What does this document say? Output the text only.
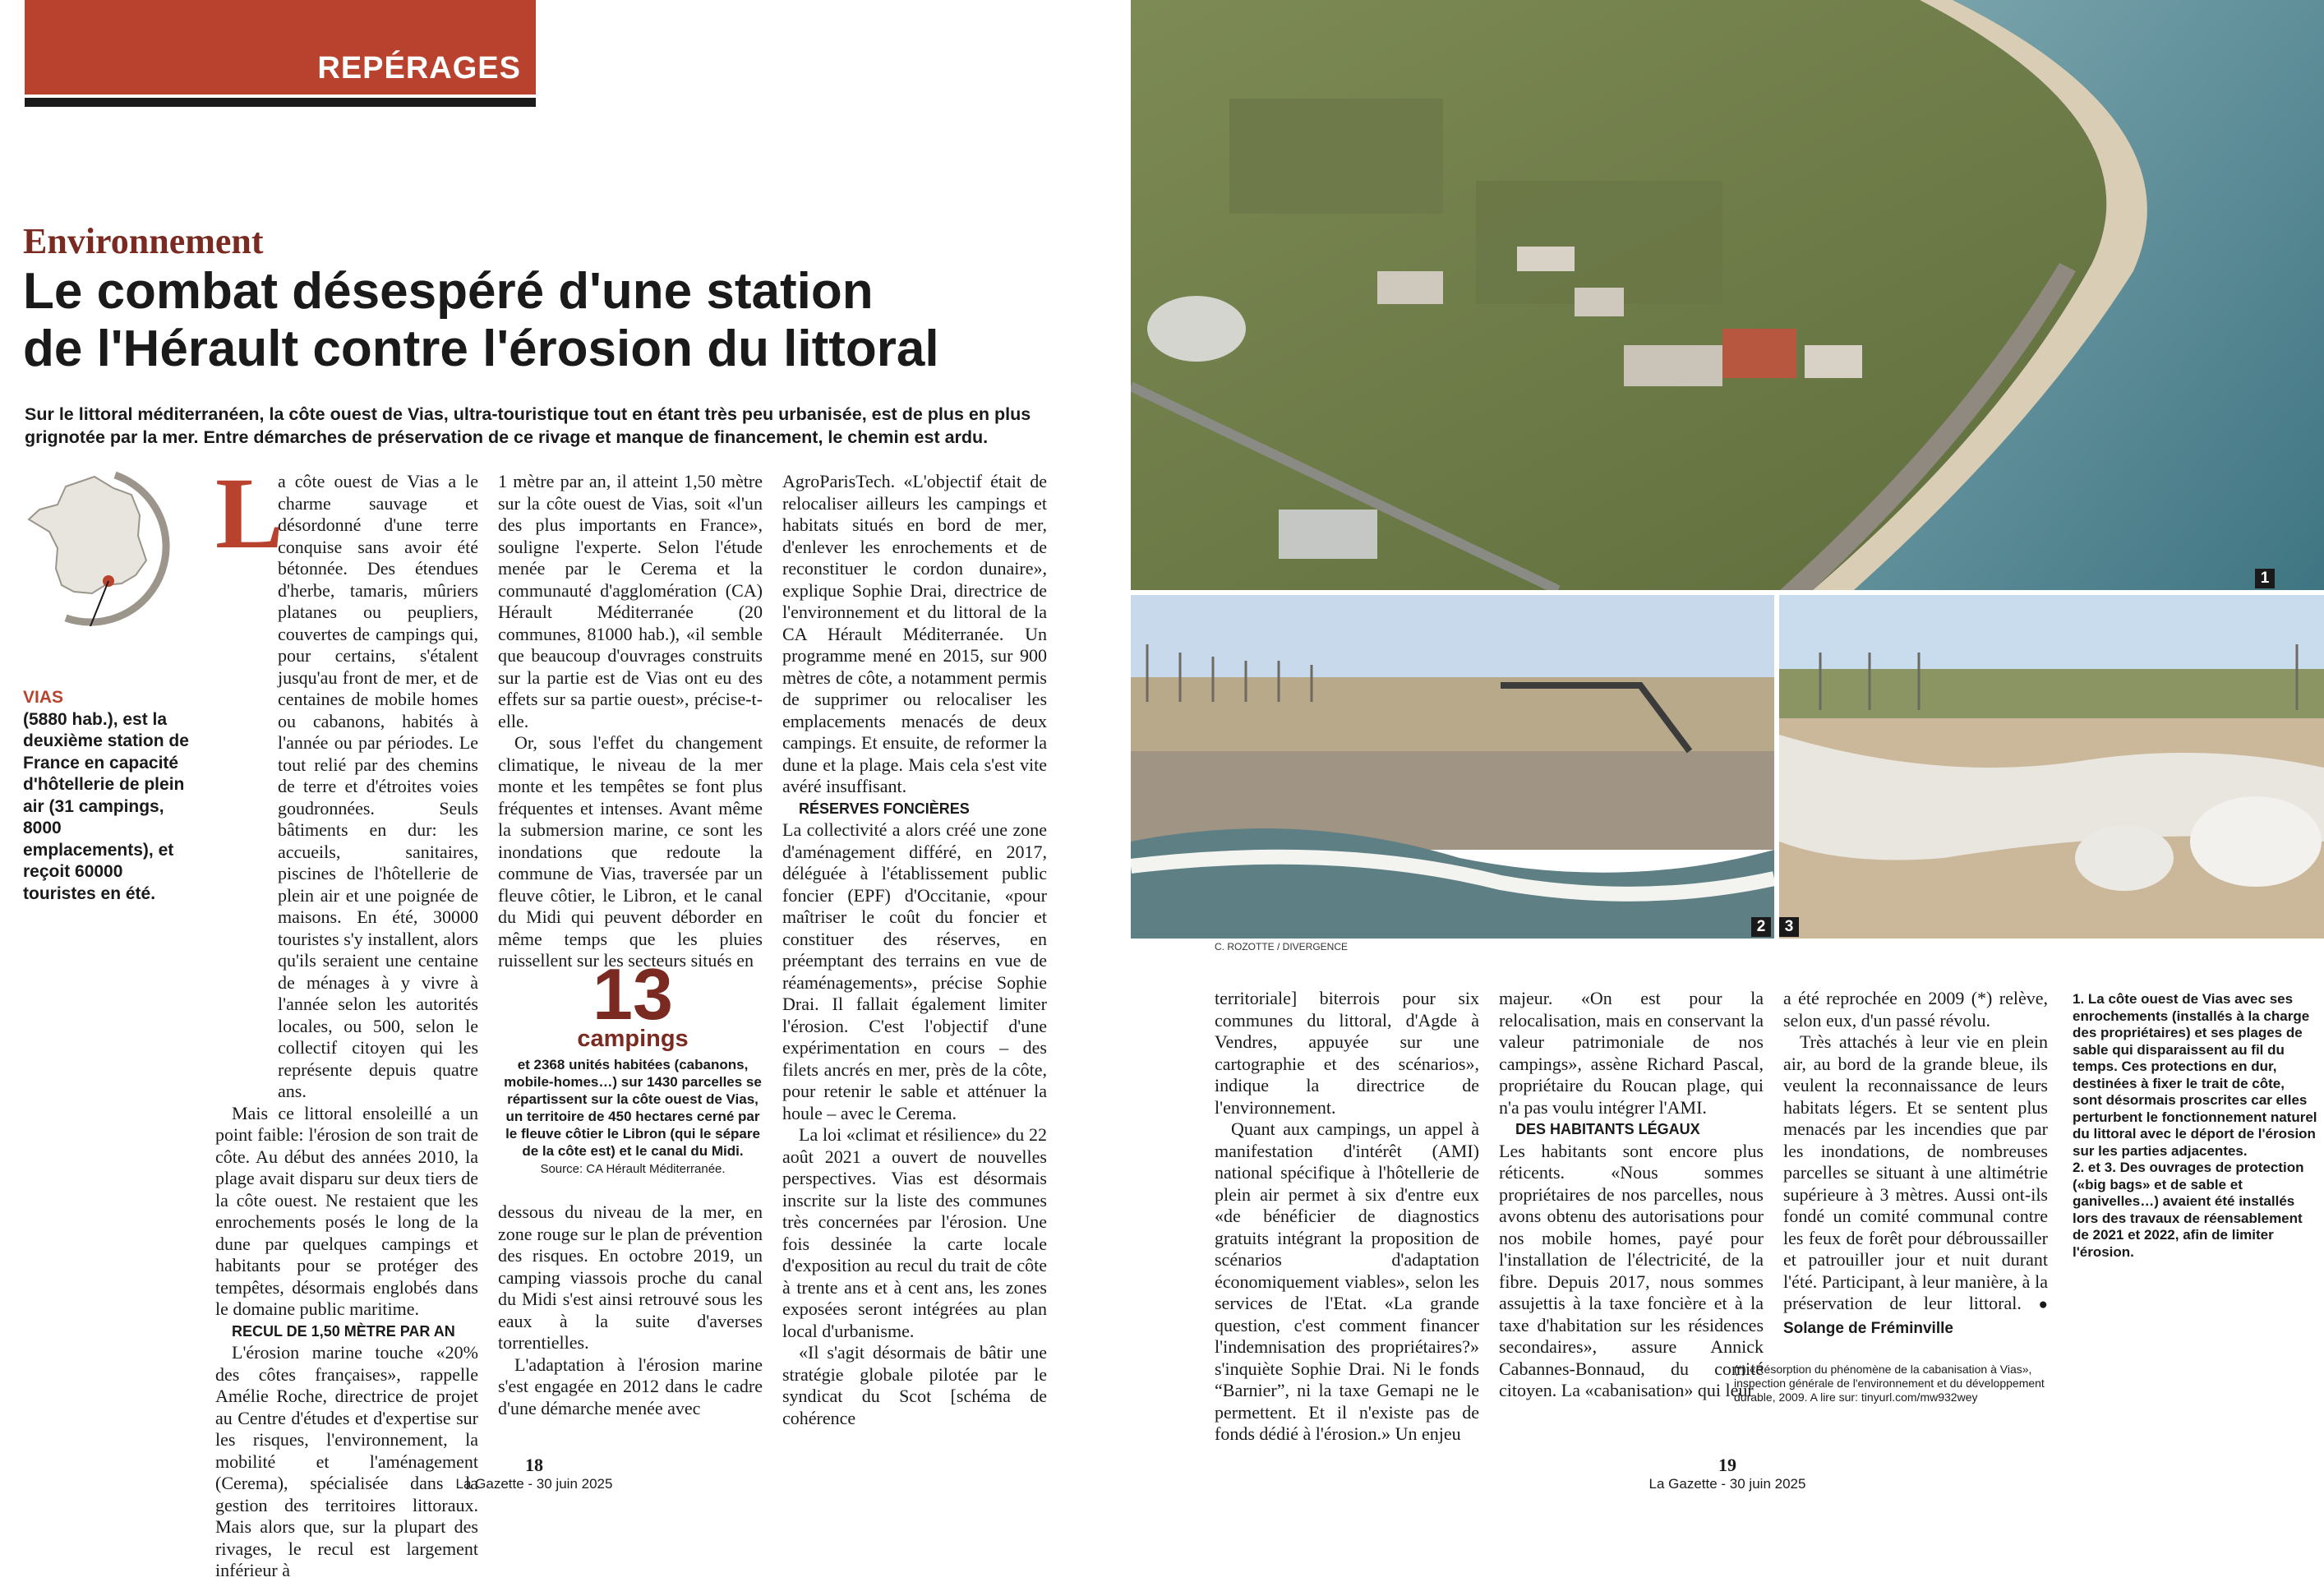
REPÉRAGES
Environnement
Le combat désespéré d'une station
de l'Hérault contre l'érosion du littoral
Sur le littoral méditerranéen, la côte ouest de Vias, ultra-touristique tout en étant très peu urbanisée, est de plus en plus grignotée par la mer. Entre démarches de préservation de ce rivage et manque de financement, le chemin est ardu.
VIAS
(5880 hab.), est la deuxième station de France en capacité d'hôtellerie de plein air (31 campings, 8000 emplacements), et reçoit 60000 touristes en été.
L

a côte ouest de Vias a le charme sauvage et désordonné d'une terre conquise sans avoir été bétonnée. Des étendues d'herbe, tamaris, mûriers platanes ou peupliers, couvertes de campings qui, pour certains, s'étalent jusqu'au front de mer, et de centaines de mobile homes ou cabanons, habités à l'année ou par périodes. Le tout relié par des chemins de terre et d'étroites voies goudronnées. Seuls bâtiments en dur: les accueils, sanitaires, piscines de l'hôtellerie de plein air et une poignée de maisons. En été, 30000 touristes s'y installent, alors qu'ils seraient une centaine de ménages à y vivre à l'année selon les autorités locales, ou 500, selon le collectif citoyen qui les représente depuis quatre ans.

Mais ce littoral ensoleillé a un point faible: l'érosion de son trait de côte. Au début des années 2010, la plage avait disparu sur deux tiers de la côte ouest. Ne restaient que les enrochements posés le long de la dune par quelques campings et habitants pour se protéger des tempêtes, désormais englobés dans le domaine public maritime.

RECUL DE 1,50 MÈTRE PAR AN

L'érosion marine touche «20% des côtes françaises», rappelle Amélie Roche, directrice de projet au Centre d'études et d'expertise sur les risques, l'environnement, la mobilité et l'aménagement (Cerema), spécialisée dans la gestion des territoires littoraux. Mais alors que, sur la plupart des rivages, le recul est largement inférieur à

1 mètre par an, il atteint 1,50 mètre sur la côte ouest de Vias, soit «l'un des plus importants en France», souligne l'experte. Selon l'étude menée par le Cerema et la communauté d'agglomération (CA) Hérault Méditerranée (20 communes, 81000 hab.), «il semble que beaucoup d'ouvrages construits sur la partie est de Vias ont eu des effets sur sa partie ouest», précise-t-elle.

Or, sous l'effet du changement climatique, le niveau de la mer monte et les tempêtes se font plus fréquentes et intenses. Avant même la submersion marine, ce sont les inondations que redoute la commune de Vias, traversée par un fleuve côtier, le Libron, et le canal du Midi qui peuvent déborder en même temps que les pluies ruissellent sur les secteurs situés en

13
campings
et 2368 unités habitées (cabanons, mobile-homes…) sur 1430 parcelles se répartissent sur la côte ouest de Vias, un territoire de 450 hectares cerné par le fleuve côtier le Libron (qui le sépare de la côte est) et le canal du Midi.
Source: CA Hérault Méditerranée.

dessous du niveau de la mer, en zone rouge sur le plan de prévention des risques. En octobre 2019, un camping viassois proche du canal du Midi s'est ainsi retrouvé sous les eaux à la suite d'averses torrentielles.

L'adaptation à l'érosion marine s'est engagée en 2012 dans le cadre d'une démarche menée avec

AgroParisTech. «L'objectif était de relocaliser ailleurs les campings et habitats situés en bord de mer, d'enlever les enrochements et de reconstituer le cordon dunaire», explique Sophie Drai, directrice de l'environnement et du littoral de la CA Hérault Méditerranée. Un programme mené en 2015, sur 900 mètres de côte, a notamment permis de supprimer ou relocaliser les emplacements menacés de deux campings. Et ensuite, de reformer la dune et la plage. Mais cela s'est vite avéré insuffisant.

RÉSERVES FONCIÈRES

La collectivité a alors créé une zone d'aménagement différé, en 2017, déléguée à l'établissement public foncier (EPF) d'Occitanie, «pour maîtriser le coût du foncier et constituer des réserves, en préemptant des terrains en vue de réaménagements», précise Sophie Drai. Il fallait également limiter l'érosion. C'est l'objectif d'une expérimentation en cours – des filets ancrés en mer, près de la côte, pour retenir le sable et atténuer la houle – avec le Cerema.

La loi «climat et résilience» du 22 août 2021 a ouvert de nouvelles perspectives. Vias est désormais inscrite sur la liste des communes très concernées par l'érosion. Une fois dessinée la carte locale d'exposition au recul du trait de côte à trente ans et à cent ans, les zones exposées seront intégrées au plan local d'urbanisme.

«Il s'agit désormais de bâtir une stratégie globale pilotée par le syndicat du Scot [schéma de cohérence

1
2	3
C. ROZOTTE / DIVERGENCE

territoriale] biterrois pour six communes du littoral, d'Agde à Vendres, appuyée sur une cartographie et des scénarios», indique la directrice de l'environnement.

Quant aux campings, un appel à manifestation d'intérêt (AMI) national spécifique à l'hôtellerie de plein air permet à six d'entre eux «de bénéficier de diagnostics gratuits intégrant la proposition de scénarios d'adaptation économiquement viables», selon les services de l'Etat. «La grande question, c'est comment financer l'indemnisation des propriétaires?» s'inquiète Sophie Drai. Ni le fonds “Barnier”, ni la taxe Gemapi ne le permettent. Et il n'existe pas de fonds dédié à l'érosion.» Un enjeu

majeur. «On est pour la relocalisation, mais en conservant la valeur patrimoniale de nos campings», assène Richard Pascal, propriétaire du Roucan plage, qui n'a pas voulu intégrer l'AMI.

DES HABITANTS LÉGAUX

Les habitants sont encore plus réticents. «Nous sommes propriétaires de nos parcelles, nous avons obtenu des autorisations pour nos mobile homes, payé pour l'installation de l'électricité, de la fibre. Depuis 2017, nous sommes assujettis à la taxe foncière et à la taxe d'habitation sur les résidences secondaires», assure Annick Cabannes-Bonnaud, du comité citoyen. La «cabanisation» qui leur

a été reprochée en 2009 (*) relève, selon eux, d'un passé révolu.

Très attachés à leur vie en plein air, au bord de la grande bleue, ils veulent la reconnaissance de leurs habitats légers. Et se sentent plus menacés par les incendies que par les inondations, de nombreuses parcelles se situant à une altimétrie supérieure à 3 mètres. Aussi ont-ils fondé un comité communal contre les feux de forêt pour débroussailler et patrouiller jour et nuit durant l'été. Participant, à leur manière, à la préservation de leur littoral. ● Solange de Fréminville

(*) «Résorption du phénomène de la cabanisation à Vias», inspection générale de l'environnement et du développement durable, 2009. A lire sur: tinyurl.com/mw932wey

1. La côte ouest de Vias avec ses enrochements (installés à la charge des propriétaires) et ses plages de sable qui disparaissent au fil du temps. Ces protections en dur, destinées à fixer le trait de côte, sont désormais proscrites car elles perturbent le fonctionnement naturel du littoral avec le déport de l'érosion sur les parties adjacentes.

2. et 3. Des ouvrages de protection («big bags» et de sable et ganivelles…) avaient été installés lors des travaux de réensablement de 2021 et 2022, afin de limiter l'érosion.

18
La Gazette - 30 juin 2025
19
La Gazette - 30 juin 2025
